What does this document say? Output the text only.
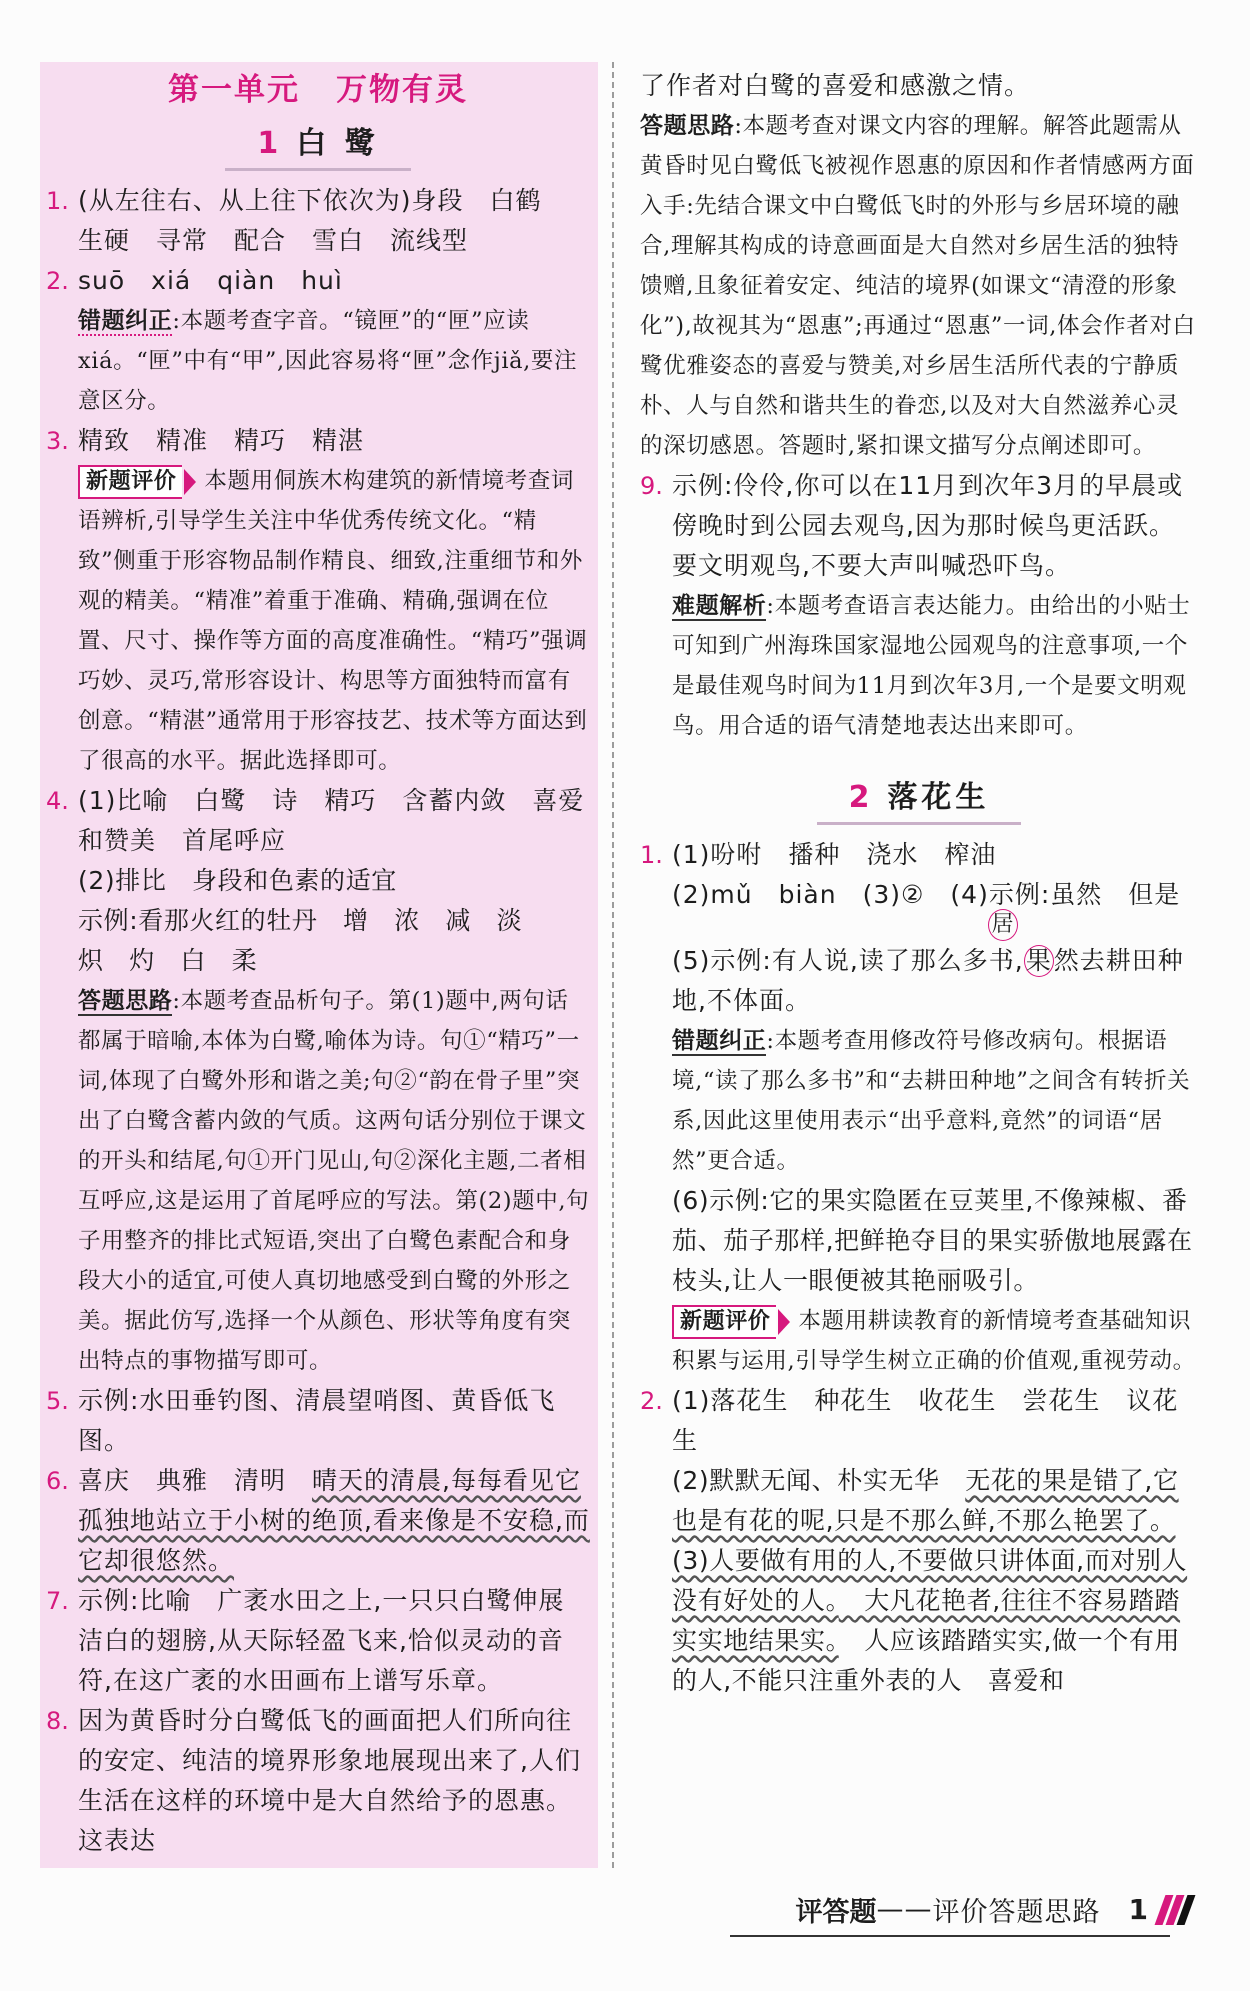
第一单元 万物有灵
1 白 鹭
1. (从左往右、从上往下依次为)身段　白鹤
生硬　寻常　配合　雪白　流线型
2. suō　xiá　qiàn　huì
错题纠正:本题考查字音。“镜匣”的“匣”应读xiá。“匣”中有“甲”,因此容易将“匣”念作jiǎ,要注意区分。
3. 精致　精准　精巧　精湛
新题评价 本题用侗族木构建筑的新情境考查词语辨析,引导学生关注中华优秀传统文化。“精致”侧重于形容物品制作精良、细致,注重细节和外观的精美。“精准”着重于准确、精确,强调在位置、尺寸、操作等方面的高度准确性。“精巧”强调巧妙、灵巧,常形容设计、构思等方面独特而富有创意。“精湛”通常用于形容技艺、技术等方面达到了很高的水平。据此选择即可。
4. (1)比喻　白鹭　诗　精巧　含蓄内敛　喜爱和赞美　首尾呼应
(2)排比　身段和色素的适宜
示例:看那火红的牡丹　增　浓　减　淡
炽　灼　白　柔
答题思路:本题考查品析句子。第(1)题中,两句话都属于暗喻,本体为白鹭,喻体为诗。句①“精巧”一词,体现了白鹭外形和谐之美;句②“韵在骨子里”突出了白鹭含蓄内敛的气质。这两句话分别位于课文的开头和结尾,句①开门见山,句②深化主题,二者相互呼应,这是运用了首尾呼应的写法。第(2)题中,句子用整齐的排比式短语,突出了白鹭色素配合和身段大小的适宜,可使人真切地感受到白鹭的外形之美。据此仿写,选择一个从颜色、形状等角度有突出特点的事物描写即可。
5. 示例:水田垂钓图、清晨望哨图、黄昏低飞图。
6. 喜庆　典雅　清明　晴天的清晨,每每看见它孤独地站立于小树的绝顶,看来像是不安稳,而它却很悠然。
7. 示例:比喻　广袤水田之上,一只只白鹭伸展洁白的翅膀,从天际轻盈飞来,恰似灵动的音符,在这广袤的水田画布上谱写乐章。
8. 因为黄昏时分白鹭低飞的画面把人们所向往的安定、纯洁的境界形象地展现出来了,人们生活在这样的环境中是大自然给予的恩惠。这表达
了作者对白鹭的喜爱和感激之情。
答题思路:本题考查对课文内容的理解。解答此题需从黄昏时见白鹭低飞被视作恩惠的原因和作者情感两方面入手:先结合课文中白鹭低飞时的外形与乡居环境的融合,理解其构成的诗意画面是大自然对乡居生活的独特馈赠,且象征着安定、纯洁的境界(如课文“清澄的形象化”),故视其为“恩惠”;再通过“恩惠”一词,体会作者对白鹭优雅姿态的喜爱与赞美,对乡居生活所代表的宁静质朴、人与自然和谐共生的眷恋,以及对大自然滋养心灵的深切感恩。答题时,紧扣课文描写分点阐述即可。
9. 示例:伶伶,你可以在11月到次年3月的早晨或傍晚时到公园去观鸟,因为那时候鸟更活跃。要文明观鸟,不要大声叫喊恐吓鸟。
难题解析:本题考查语言表达能力。由给出的小贴士可知到广州海珠国家湿地公园观鸟的注意事项,一个是最佳观鸟时间为11月到次年3月,一个是要文明观鸟。用合适的语气清楚地表达出来即可。
2 落花生
1. (1)吩咐　播种　浇水　榨油
(2)mǔ　biàn　(3)②　(4)示例:虽然　但是
居
(5)示例:有人说,读了那么多书,果然去耕田种地,不体面。
错题纠正:本题考查用修改符号修改病句。根据语境,“读了那么多书”和“去耕田种地”之间含有转折关系,因此这里使用表示“出乎意料,竟然”的词语“居然”更合适。
(6)示例:它的果实隐匿在豆荚里,不像辣椒、番茄、茄子那样,把鲜艳夺目的果实骄傲地展露在枝头,让人一眼便被其艳丽吸引。
新题评价 本题用耕读教育的新情境考查基础知识积累与运用,引导学生树立正确的价值观,重视劳动。
2. (1)落花生　种花生　收花生　尝花生　议花生
(2)默默无闻、朴实无华　无花的果是错了,它也是有花的呢,只是不那么鲜,不那么艳罢了。
(3)人要做有用的人,不要做只讲体面,而对别人没有好处的人。　大凡花艳者,往往不容易踏踏实实地结果实。　人应该踏踏实实,做一个有用的人,不能只注重外表的人　喜爱和
评答题 —— 评价答题思路 1
